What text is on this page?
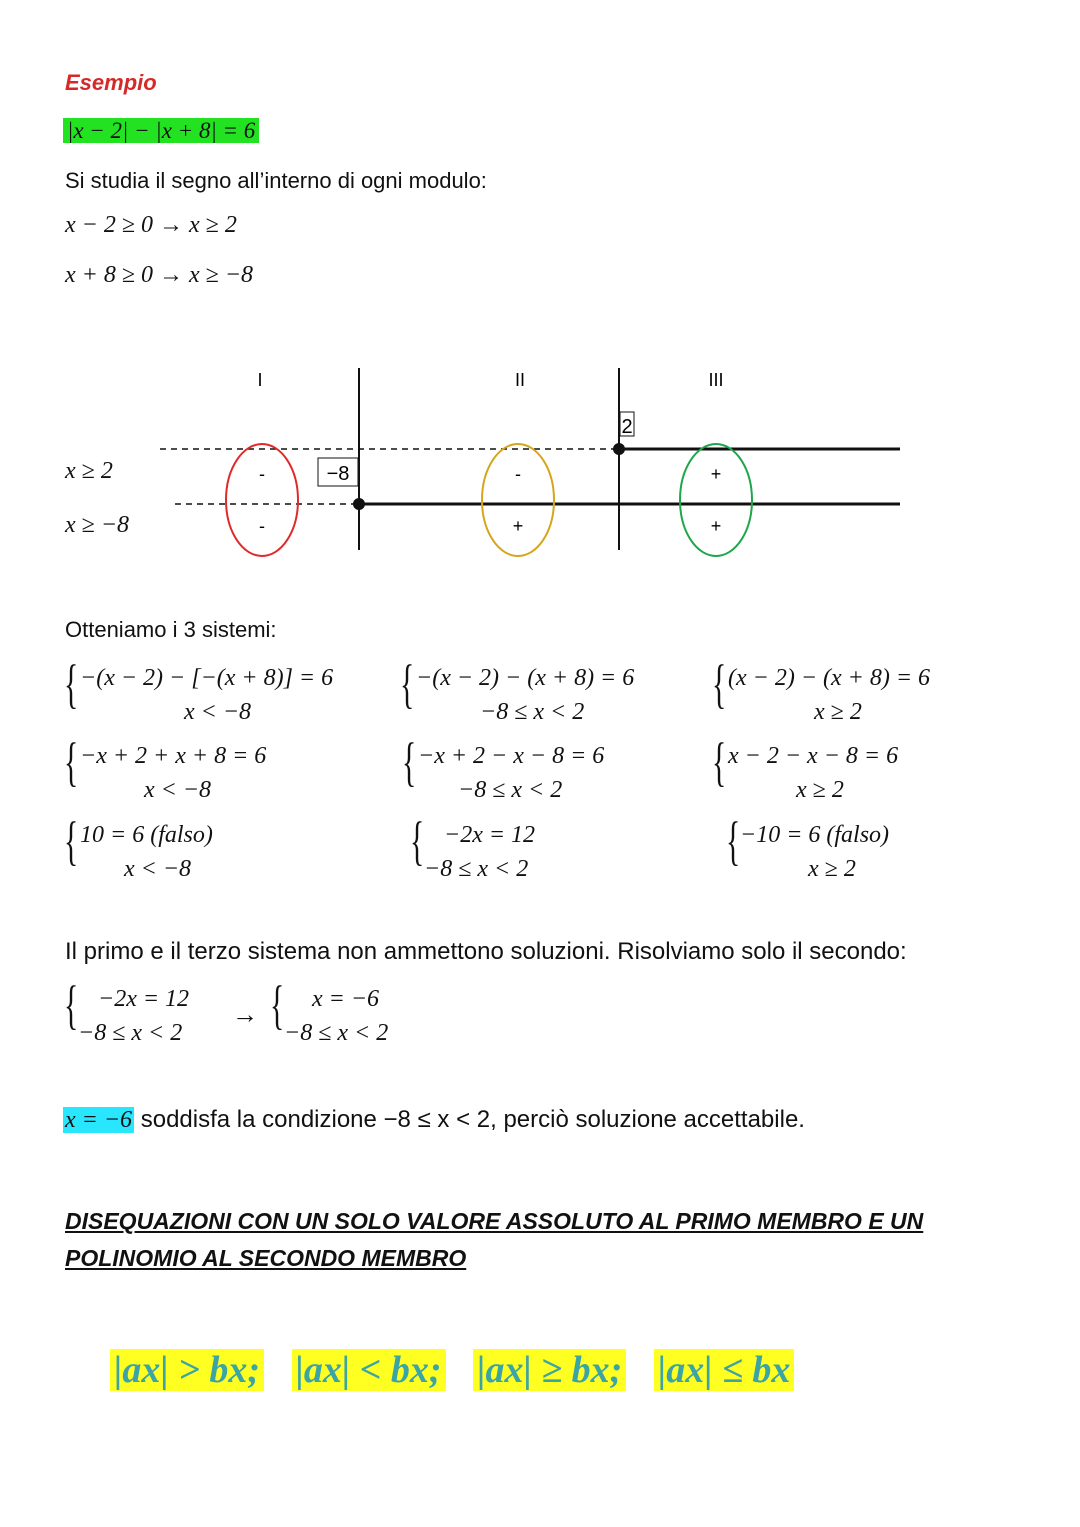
Esempio
|x − 2| − |x + 8| = 6
Si studia il segno all’interno di ogni modulo:
x − 2 ≥ 0 → x ≥ 2
x + 8 ≥ 0 → x ≥ −8
I	II	III
−8
2
-
-
-
+
+
+
x ≥ 2
x ≥ −8
Otteniamo i 3 sistemi:
{ −(x − 2) − [−(x + 8)] = 6
x < −8
{ −x + 2 + x + 8 = 6
x < −8
{ 10 = 6 (falso)
x < −8
{ −(x − 2) − (x + 8) = 6
−8 ≤ x < 2
{ −x + 2 − x − 8 = 6
−8 ≤ x < 2
{ −2x = 12
−8 ≤ x < 2
{ (x − 2) − (x + 8) = 6
x ≥ 2
{ x − 2 − x − 8 = 6
x ≥ 2
{ −10 = 6 (falso)
x ≥ 2
Il primo e il terzo sistema non ammettono soluzioni. Risolviamo solo il secondo:
{ −2x = 12
−8 ≤ x < 2
→ { x = −6
−8 ≤ x < 2
x = −6 soddisfa la condizione −8 ≤ x < 2, perciò soluzione accettabile.
DISEQUAZIONI CON UN SOLO VALORE ASSOLUTO AL PRIMO MEMBRO E UN
POLINOMIO AL SECONDO MEMBRO
|ax| > bx; |ax| < bx; |ax| ≥ bx; |ax| ≤ bx
